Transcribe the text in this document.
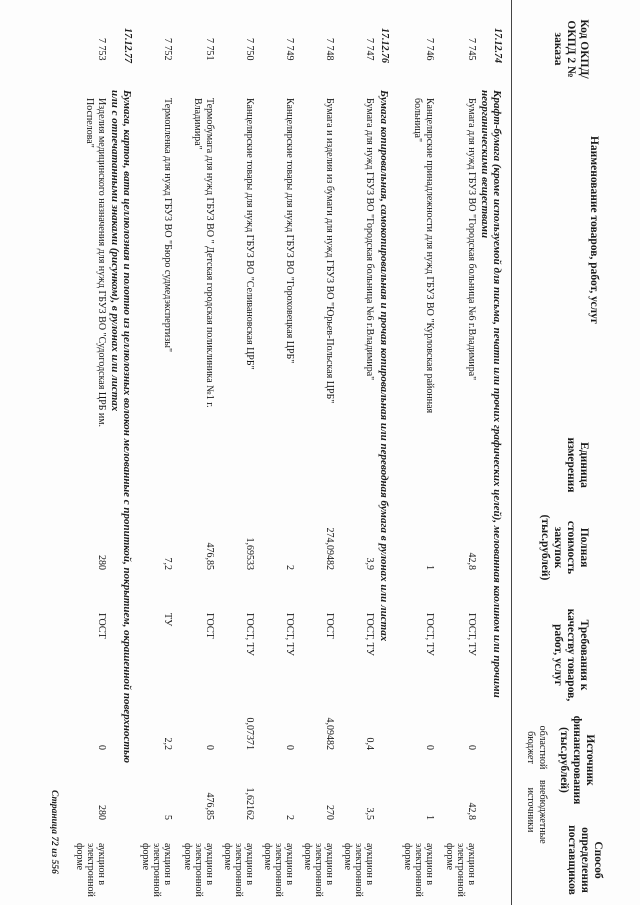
Код ОКПД/ ОКПД 2 № заказа
Наименование товаров, работ, услуг
Единица измерения
Полная стоимость закупок (тыс.рублей)
Требования к качеству товаров, работ, услуг
Источник финансирования (тыс.рублей)
областной бюджет
внебюджетные источники
Способ определения поставщиков
17.12.74
Крафт-бумага (кроме используемой для письма, печати или прочих графических целей), мелованная каолином или прочими неорганическими веществами
7 745
Бумага для нужд ГБУЗ ВО "Городская больница №6 г.Владимира"
42,8
ГОСТ, ТУ
0
42,8
аукцион в электронной форме
7 746
Канцелярские принадлежности для нужд ГБУЗ ВО "Курловская районная больница"
1
ГОСТ, ТУ
0
1
аукцион в электронной форме
17.12.76
Бумага копировальная, самокопировальная и прочая копировальная или переводная бумага в рулонах или листах
7 747
Бумага для нужд ГБУЗ ВО "Городская больница №6 г.Владимира"
3,9
ГОСТ, ТУ
0,4
3,5
аукцион в электронной форме
7 748
Бумага и изделия из бумаги для нужд ГБУЗ ВО "Юрьев-Польская ЦРБ"
274,09482
ГОСТ
4,09482
270
аукцион в электронной форме
7 749
Канцелярские товары для нужд ГБУЗ ВО "Гороховецкая ЦРБ"
2
ГОСТ, ТУ
0
2
аукцион в электронной форме
7 750
Канцелярские товары для нужд ГБУЗ ВО "Селивановская ЦРБ"
1,69533
ГОСТ, ТУ
0,07371
1,62162
аукцион в электронной форме
7 751
Термобумага для нужд ГБУЗ ВО " Детская городская поликлиника №1 г. Владимира"
476,85
ГОСТ
0
476,85
аукцион в электронной форме
7 752
Термопленка для нужд ГБУЗ ВО "Бюро судмедэкспертизы"
7,2
ТУ
2,2
5
аукцион в электронной форме
17.12.77
Бумага, картон, вата целлюлозная и полотно из целлюлозных волокон мелованные с пропиткой, покрытием, окрашенной поверхностью или с отпечатанными знаками (рисунком), в рулонах или листах
7 753
Изделия медицинского назначения для нужд ГБУЗ ВО "Судогодская ЦРБ им. Поспелова"
280
ГОСТ
0
280
аукцион в электронной форме
Страница 72 из 556
